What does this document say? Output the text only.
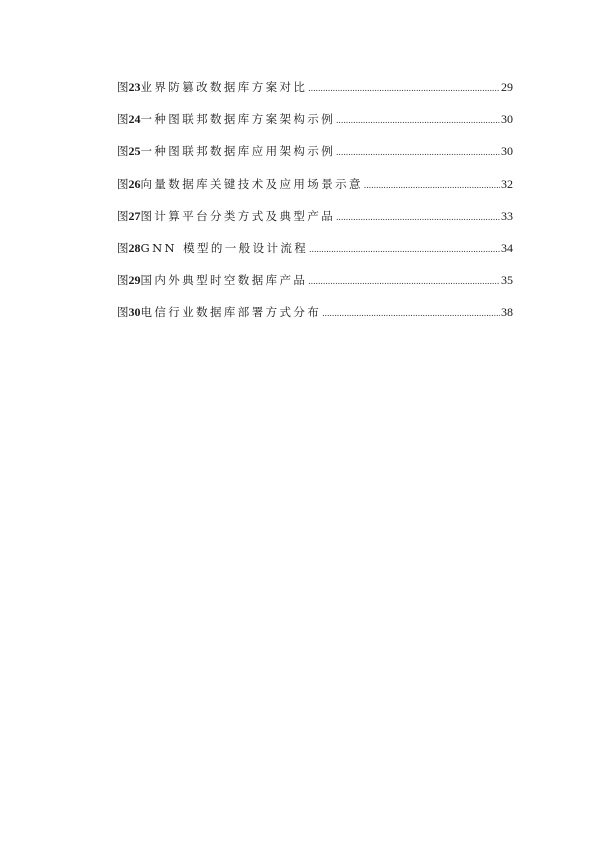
图 23 业界防篡改数据库方案对比 .....	29
图 24 一种图联邦数据库方案架构示例 .....	30
图 25 一种图联邦数据库应用架构示例 .....	30
图 26 向量数据库关键技术及应用场景示意 .....	32
图 27 图计算平台分类方式及典型产品 .....	33
图 28 GNN 模型的一般设计流程 .....	34
图 29 国内外典型时空数据库产品 .....	35
图 30 电信行业数据库部署方式分布 .....	38
